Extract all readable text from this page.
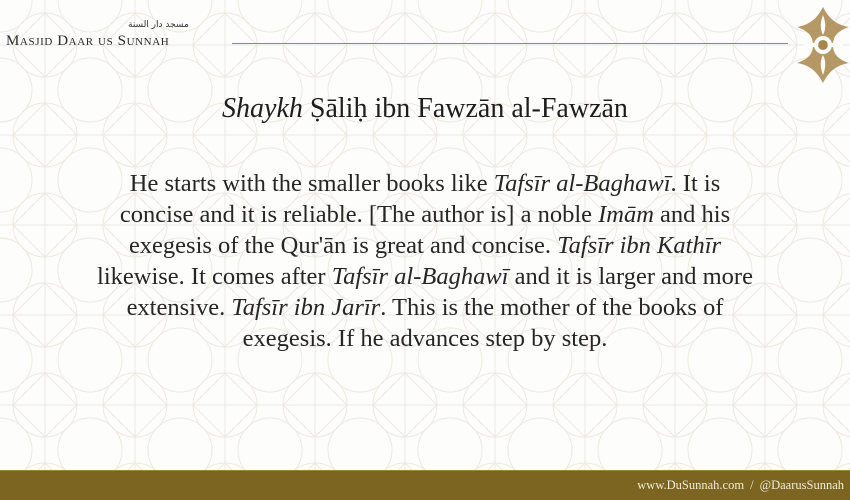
مسجد دار السنة
Masjid Daar us Sunnah
Shaykh Ṣāliḥ ibn Fawzān al-Fawzān

He starts with the smaller books like Tafsīr al-Baghawī. It is

concise and it is reliable. [The author is] a noble Imām and his

exegesis of the Qur'ān is great and concise. Tafsīr ibn Kathīr

likewise. It comes after Tafsīr al-Baghawī and it is larger and more

extensive. Tafsīr ibn Jarīr. This is the mother of the books of

exegesis. If he advances step by step.

www.DuSunnah.com / @DaarusSunnah
